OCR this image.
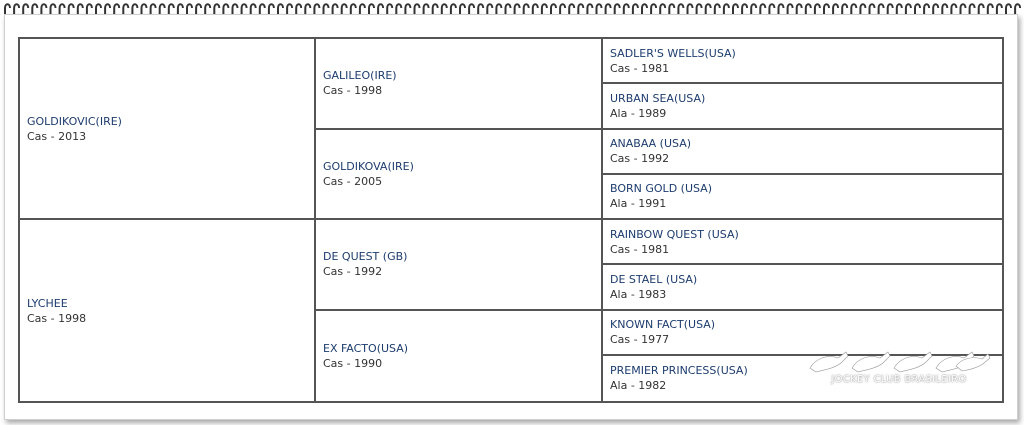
GOLDIKOVIC(IRE)
Cas - 2013
LYCHEE
Cas - 1998
GALILEO(IRE)
Cas - 1998
GOLDIKOVA(IRE)
Cas - 2005
DE QUEST (GB)
Cas - 1992
EX FACTO(USA)
Cas - 1990
SADLER'S WELLS(USA)
Cas - 1981
URBAN SEA(USA)
Ala - 1989
ANABAA (USA)
Cas - 1992
BORN GOLD (USA)
Ala - 1991
RAINBOW QUEST (USA)
Cas - 1981
DE STAEL (USA)
Ala - 1983
KNOWN FACT(USA)
Cas - 1977
PREMIER PRINCESS(USA)
Ala - 1982	JOCKEY CLUB BRASILEIRO
